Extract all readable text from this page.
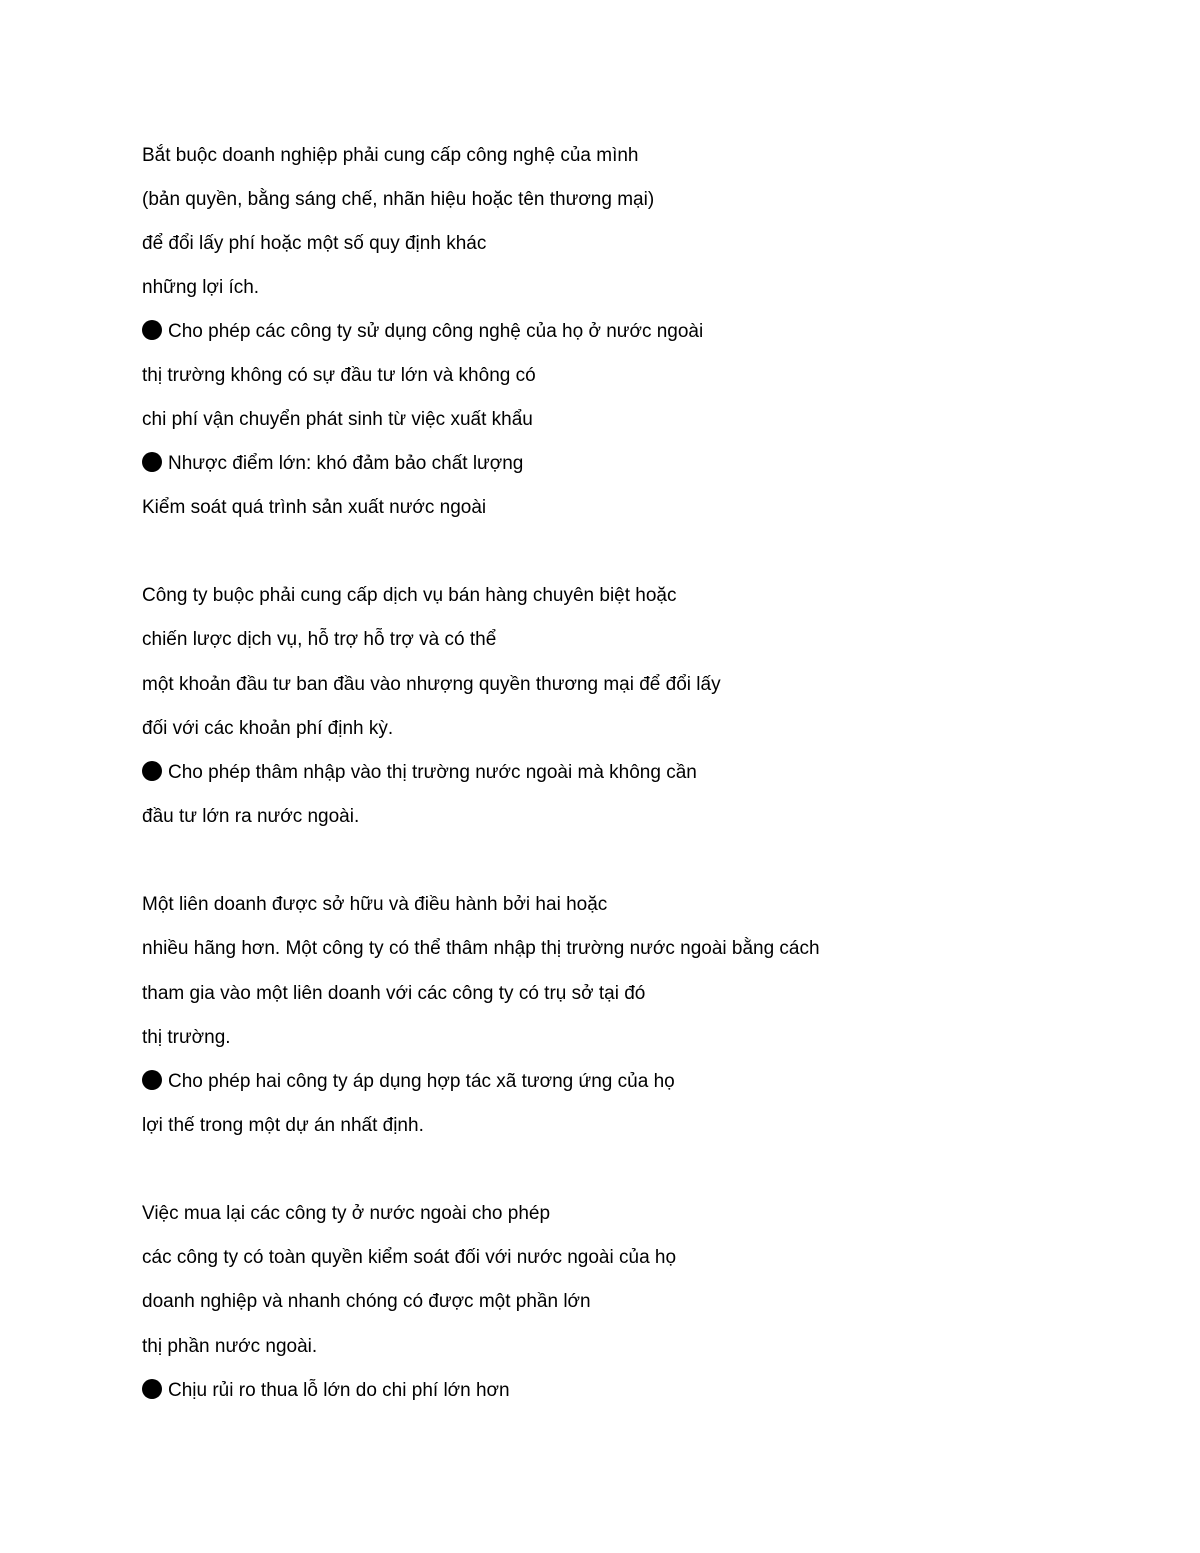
Bắt buộc doanh nghiệp phải cung cấp công nghệ của mình
(bản quyền, bằng sáng chế, nhãn hiệu hoặc tên thương mại)
để đổi lấy phí hoặc một số quy định khác
những lợi ích.
Cho phép các công ty sử dụng công nghệ của họ ở nước ngoài
thị trường không có sự đầu tư lớn và không có
chi phí vận chuyển phát sinh từ việc xuất khẩu
Nhược điểm lớn: khó đảm bảo chất lượng
Kiểm soát quá trình sản xuất nước ngoài
Công ty buộc phải cung cấp dịch vụ bán hàng chuyên biệt hoặc
chiến lược dịch vụ, hỗ trợ hỗ trợ và có thể
một khoản đầu tư ban đầu vào nhượng quyền thương mại để đổi lấy
đối với các khoản phí định kỳ.
Cho phép thâm nhập vào thị trường nước ngoài mà không cần
đầu tư lớn ra nước ngoài.
Một liên doanh được sở hữu và điều hành bởi hai hoặc
nhiều hãng hơn. Một công ty có thể thâm nhập thị trường nước ngoài bằng cách
tham gia vào một liên doanh với các công ty có trụ sở tại đó
thị trường.
Cho phép hai công ty áp dụng hợp tác xã tương ứng của họ
lợi thế trong một dự án nhất định.
Việc mua lại các công ty ở nước ngoài cho phép
các công ty có toàn quyền kiểm soát đối với nước ngoài của họ
doanh nghiệp và nhanh chóng có được một phần lớn
thị phần nước ngoài.
Chịu rủi ro thua lỗ lớn do chi phí lớn hơn
